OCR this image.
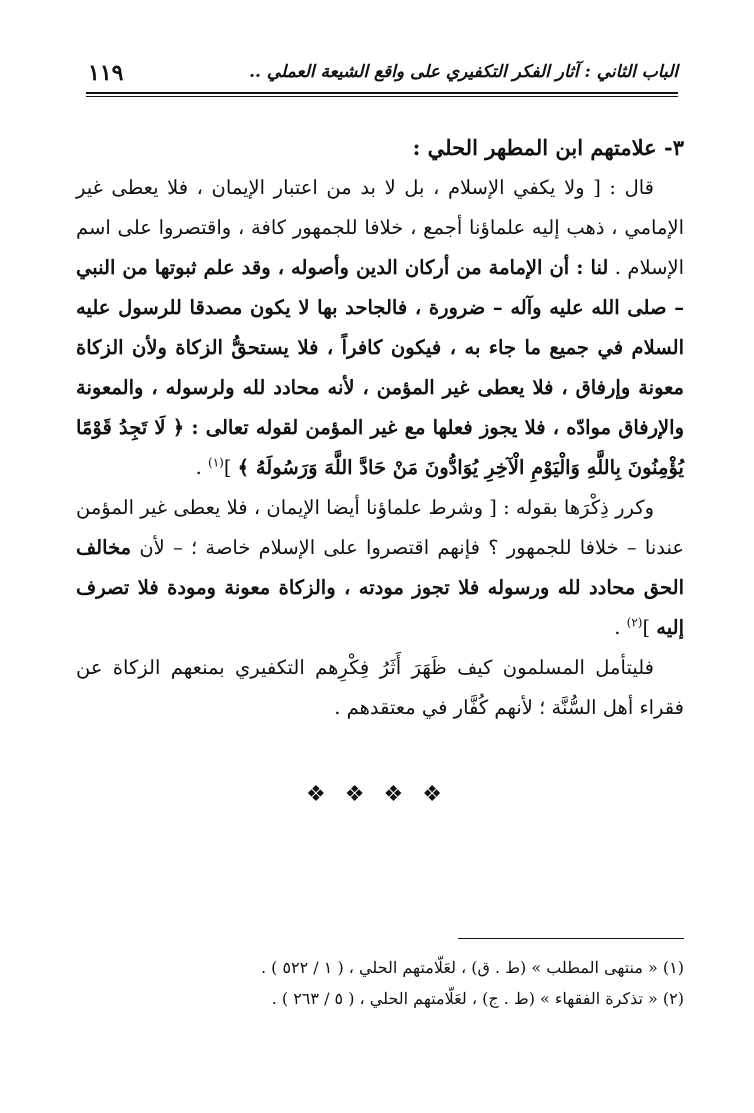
الباب الثاني : آثار الفكر التكفيري على واقع الشيعة العملي ..
١١٩

٣- علامتهم ابن المطهر الحلي :

قال : [ ولا يكفي الإسلام ، بل لا بد من اعتبار الإيمان ، فلا يعطى غير الإمامي ، ذهب إليه علماؤنا أجمع ، خلافا للجمهور كافة ، واقتصروا على اسم الإسلام . لنا : أن الإمامة من أركان الدين وأصوله ، وقد علم ثبوتها من النبي – صلى الله عليه وآله – ضرورة ، فالجاحد بها لا يكون مصدقا للرسول عليه السلام في جميع ما جاء به ، فيكون كافراً ، فلا يستحقُّ الزكاة ولأن الزكاة معونة وإرفاق ، فلا يعطى غير المؤمن ، لأنه محادد لله ولرسوله ، والمعونة والإرفاق موادّه ، فلا يجوز فعلها مع غير المؤمن لقوله تعالى : ﴿ لَا تَجِدُ قَوْمًا يُؤْمِنُونَ بِاللَّهِ وَالْيَوْمِ الْآخِرِ يُوَادُّونَ مَنْ حَادَّ اللَّهَ وَرَسُولَهُ ﴾ ]$^{(١)}$ .

وكرر ذِكْرَها بقوله : [ وشرط علماؤنا أيضا الإيمان ، فلا يعطى غير المؤمن عندنا – خلافا للجمهور ؟ فإنهم اقتصروا على الإسلام خاصة ؛ – لأن مخالف الحق محادد لله ورسوله فلا تجوز مودته ، والزكاة معونة ومودة فلا تصرف إليه ]$^{(٢)}$ .

فليتأمل المسلمون كيف ظَهَرَ أَثَرُ فِكْرِهم التكفيري بمنعهم الزكاة عن فقراء أهل السُّنَّة ؛ لأنهم كُفَّار في معتقدهم .

❖ ❖ ❖ ❖

(١) « منتهى المطلب » (ط . ق) ، لعَلّامتهم الحلي ، ( ١ / ٥٢٢ ) .

(٢) « تذكرة الفقهاء » (ط . ج) ، لعَلّامتهم الحلي ، ( ٥ / ٢٦٣ ) .
